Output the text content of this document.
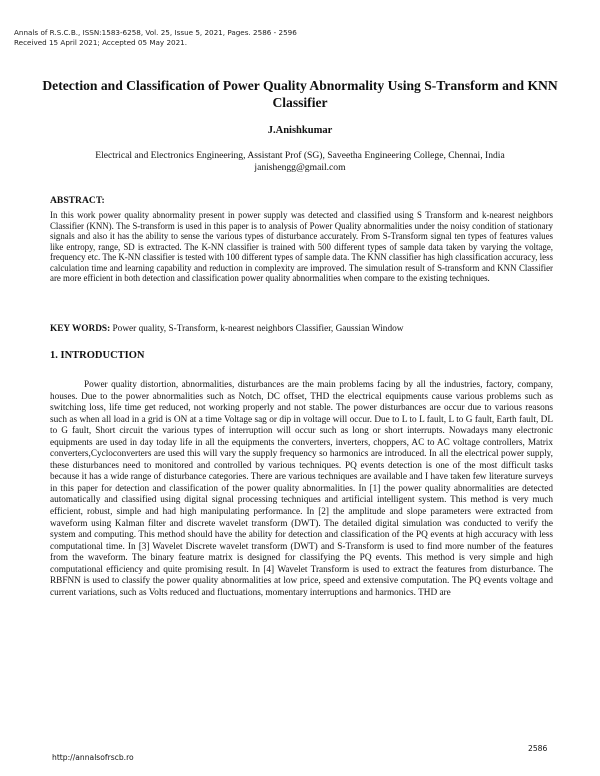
Annals of R.S.C.B., ISSN:1583-6258, Vol. 25, Issue 5, 2021, Pages. 2586 - 2596
Received 15 April 2021; Accepted 05 May 2021.
Detection and Classification of Power Quality Abnormality Using S-Transform and KNN Classifier
J.Anishkumar
Electrical and Electronics Engineering, Assistant Prof (SG), Saveetha Engineering College, Chennai, India
janishengg@gmail.com
ABSTRACT:
In this work power quality abnormality present in power supply was detected and classified using S Transform and k-nearest neighbors Classifier (KNN). The S-transform is used in this paper is to analysis of Power Quality abnormalities under the noisy condition of stationary signals and also it has the ability to sense the various types of disturbance accurately. From S-Transform signal ten types of features values like entropy, range, SD is extracted. The K-NN classifier is trained with 500 different types of sample data taken by varying the voltage, frequency etc. The K-NN classifier is tested with 100 different types of sample data. The KNN classifier has high classification accuracy, less calculation time and learning capability and reduction in complexity are improved. The simulation result of S-transform and KNN Classifier are more efficient in both detection and classification power quality abnormalities when compare to the existing techniques.
KEY WORDS: Power quality, S-Transform, k-nearest neighbors Classifier, Gaussian Window
1. INTRODUCTION
Power quality distortion, abnormalities, disturbances are the main problems facing by all the industries, factory, company, houses. Due to the power abnormalities such as Notch, DC offset, THD the electrical equipments cause various problems such as switching loss, life time get reduced, not working properly and not stable. The power disturbances are occur due to various reasons such as when all load in a grid is ON at a time Voltage sag or dip in voltage will occur. Due to L to L fault, L to G fault, Earth fault, DL to G fault, Short circuit the various types of interruption will occur such as long or short interrupts. Nowadays many electronic equipments are used in day today life in all the equipments the converters, inverters, choppers, AC to AC voltage controllers, Matrix converters,Cycloconverters are used this will vary the supply frequency so harmonics are introduced. In all the electrical power supply, these disturbances need to monitored and controlled by various techniques. PQ events detection is one of the most difficult tasks because it has a wide range of disturbance categories. There are various techniques are available and I have taken few literature surveys in this paper for detection and classification of the power quality abnormalities. In [1] the power quality abnormalities are detected automatically and classified using digital signal processing techniques and artificial intelligent system. This method is very much efficient, robust, simple and had high manipulating performance. In [2] the amplitude and slope parameters were extracted from waveform using Kalman filter and discrete wavelet transform (DWT). The detailed digital simulation was conducted to verify the system and computing. This method should have the ability for detection and classification of the PQ events at high accuracy with less computational time. In [3] Wavelet Discrete wavelet transform (DWT) and S-Transform is used to find more number of the features from the waveform. The binary feature matrix is designed for classifying the PQ events. This method is very simple and high computational efficiency and quite promising result. In [4] Wavelet Transform is used to extract the features from disturbance. The RBFNN is used to classify the power quality abnormalities at low price, speed and extensive computation. The PQ events voltage and current variations, such as Volts reduced and fluctuations, momentary interruptions and harmonics. THD are
http://annalsofrscb.ro
2586
